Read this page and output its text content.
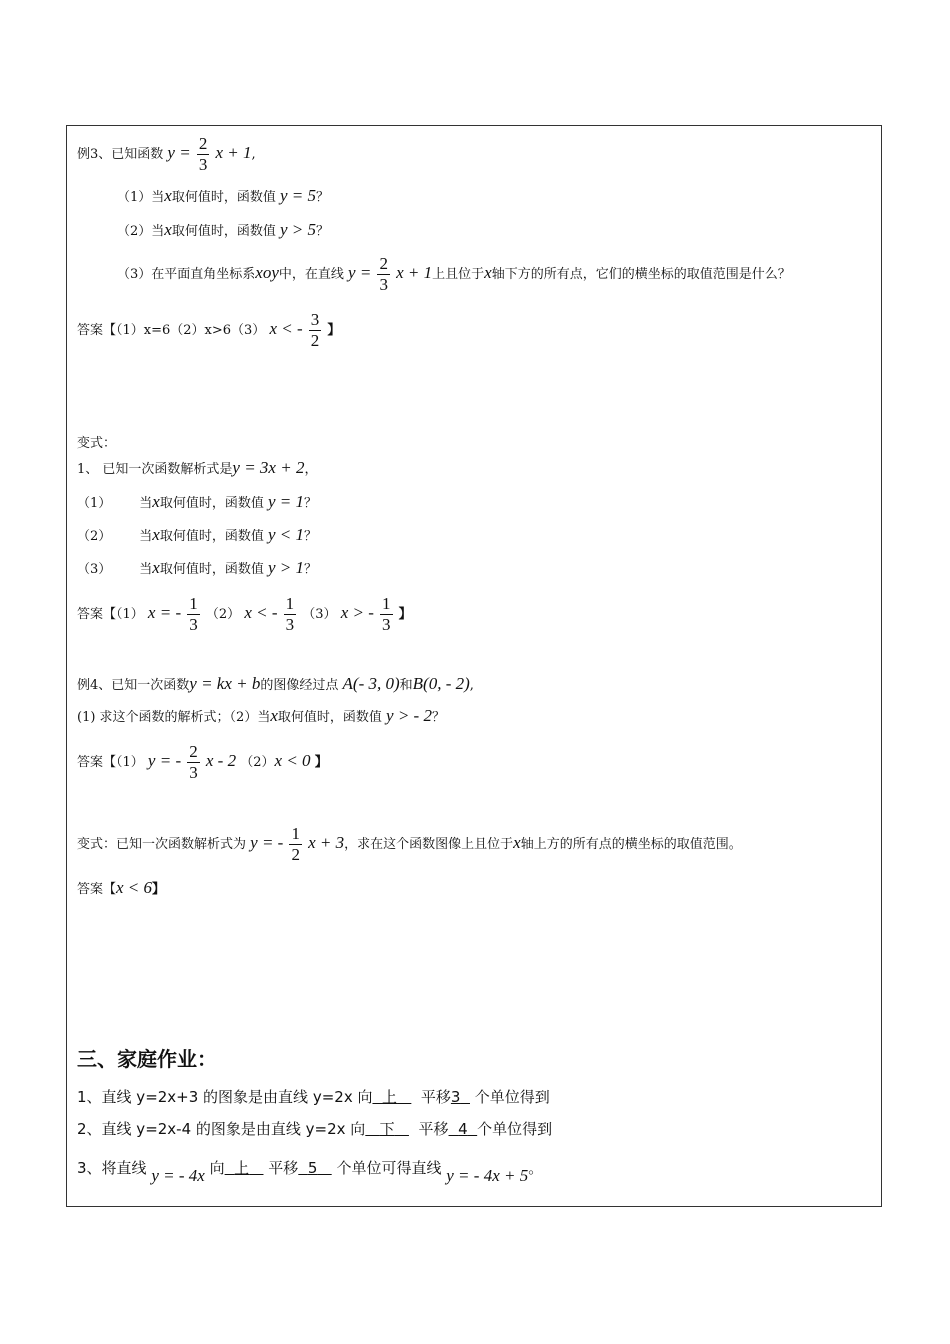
例3、已知函数 $y = \frac{2}{3}$ x + 1,
（1）当x取何值时，函数值 y = 5？
（2）当x取何值时，函数值 y > 5？
（3）在平面直角坐标系xoy中，在直线 $y = \frac{2}{3}$ x + 1上且位于x轴下方的所有点，它们的横坐标的取值范围是什么？
答案【（1）x=6（2）x>6（3） x < - $\frac{3}{2}$ 】
变式：
1、 已知一次函数解析式是y = 3x + 2，
（1） 当x取何值时，函数值 y = 1？
（2） 当x取何值时，函数值 y < 1？
（3） 当x取何值时，函数值 y > 1？
答案【（1） x = - $\frac{1}{3} (2) x$ < - $\frac{1}{3} (3) x$ > - $\frac{1}{3}$ 】
例4、已知一次函数y = kx + b的图像经过点 A(- 3, 0)和B(0, - 2),
(1) 求这个函数的解析式；（2）当x取何值时，函数值 y > - 2？
答案【（1） y = - $\frac{2}{3}$ x - 2 （2）x < 0 】
变式：已知一次函数解析式为 y = - $\frac{1}{2}$ x + 3，求在这个函数图像上且位于x轴上方的所有点的横坐标的取值范围。
答案【x < 6】
三、家庭作业：
1、直线 y=2x+3 的图象是由直线 y=2x 向 上 平移3 个单位得到
2、直线 y=2x-4 的图象是由直线 y=2x 向 下 平移 4 个单位得到
3、将直线 y = - 4x 向 上 平移 5 个单位可得直线 y = - 4x + 5。
